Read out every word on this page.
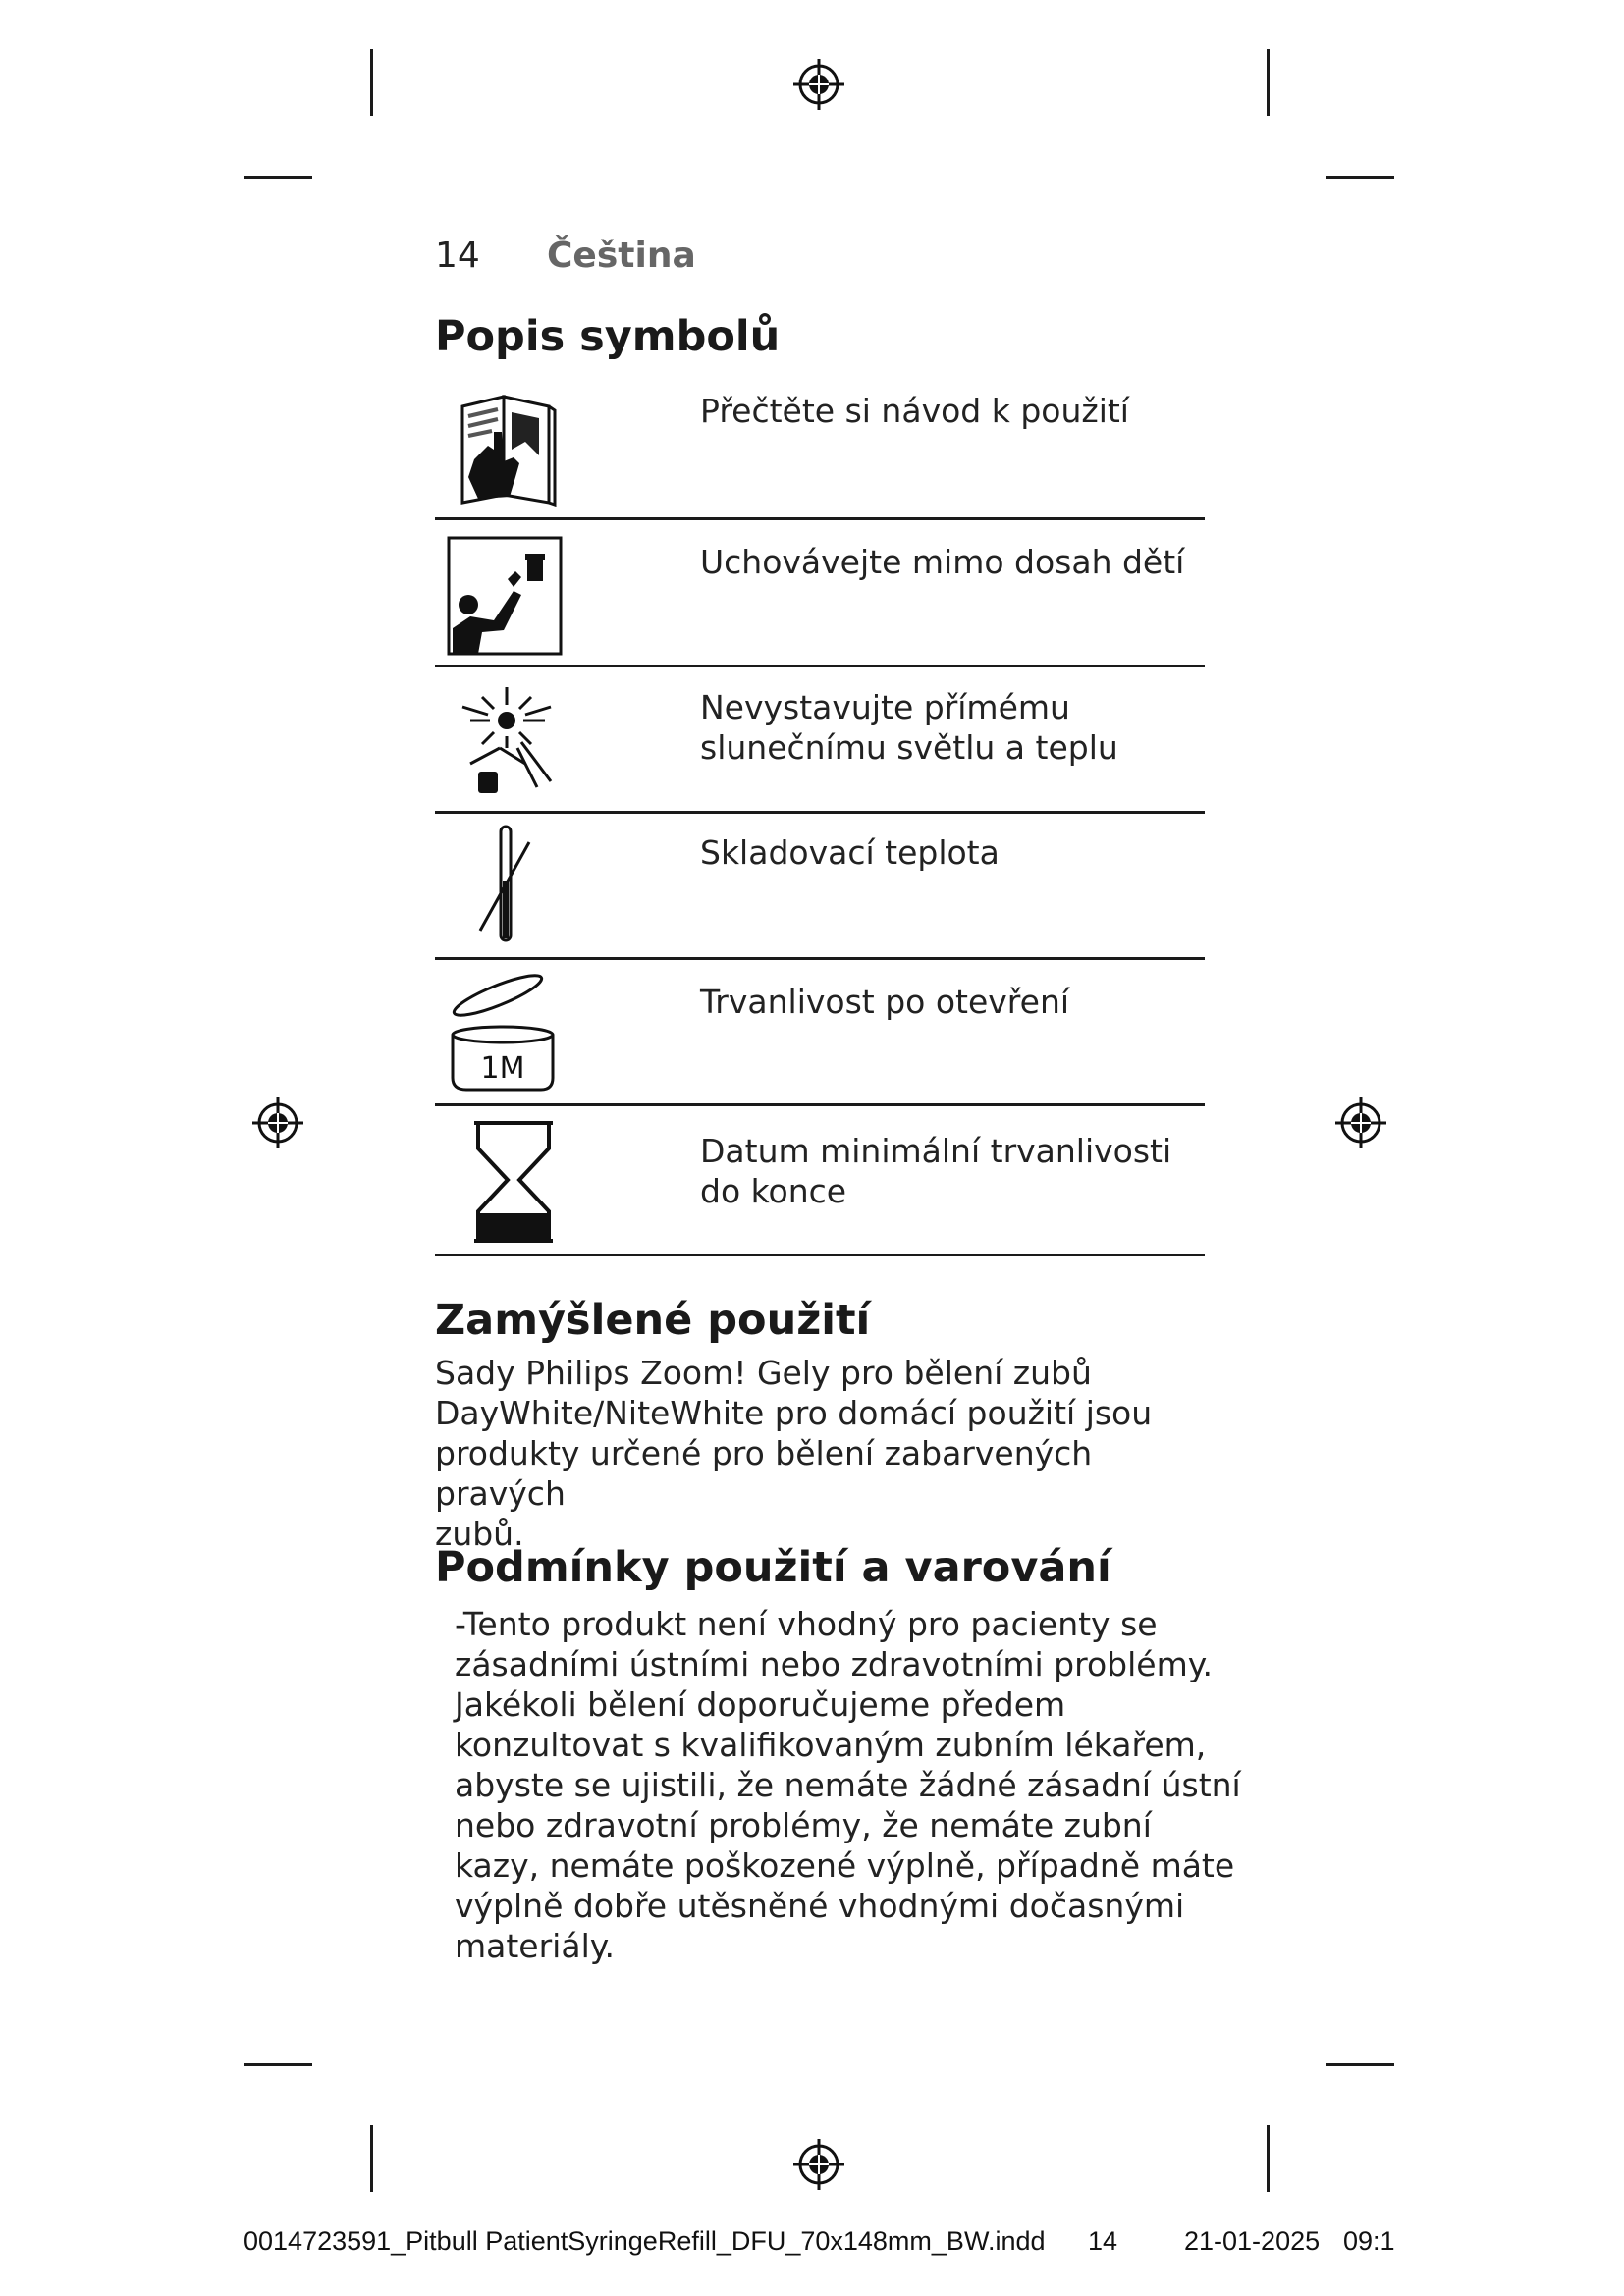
14 Čeština
Popis symbolů
Přečtěte si návod k použití
Uchovávejte mimo dosah dětí
Nevystavujte přímému
slunečnímu světlu a teplu
Skladovací teplota
1M
Trvanlivost po otevření
Datum minimální trvanlivosti
do konce
Zamýšlené použití
Sady Philips Zoom! Gely pro bělení zubů
DayWhite/NiteWhite pro domácí použití jsou
produkty určené pro bělení zabarvených pravých
zubů.
Podmínky použití a varování
-Tento produkt není vhodný pro pacienty se
zásadními ústními nebo zdravotními problémy.
Jakékoli bělení doporučujeme předem
konzultovat s kvalifikovaným zubním lékařem,
abyste se ujistili, že nemáte žádné zásadní ústní
nebo zdravotní problémy, že nemáte zubní
kazy, nemáte poškozené výplně, případně máte
výplně dobře utěsněné vhodnými dočasnými
materiály.
0014723591_Pitbull PatientSyringeRefill_DFU_70x148mm_BW.indd 14	21-01-2025 09:1
